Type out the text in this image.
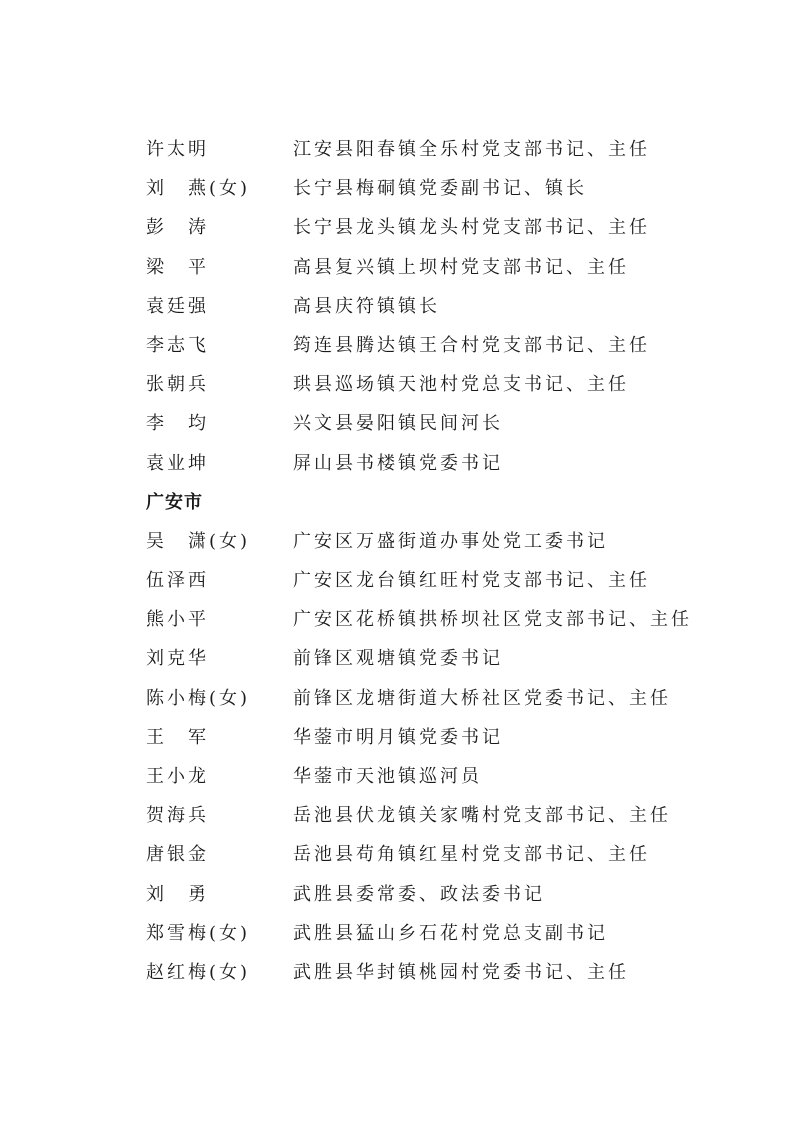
许太明	江安县阳春镇全乐村党支部书记、主任
刘　燕(女) 长宁县梅硐镇党委副书记、镇长
彭　涛	长宁县龙头镇龙头村党支部书记、主任
梁　平	高县复兴镇上坝村党支部书记、主任
袁廷强	高县庆符镇镇长
李志飞	筠连县腾达镇王合村党支部书记、主任
张朝兵	珙县巡场镇天池村党总支书记、主任
李　均	兴文县晏阳镇民间河长
袁业坤	屏山县书楼镇党委书记
广安市
吴　潇(女) 广安区万盛街道办事处党工委书记
伍泽西	广安区龙台镇红旺村党支部书记、主任
熊小平	广安区花桥镇拱桥坝社区党支部书记、主任
刘克华	前锋区观塘镇党委书记
陈小梅(女) 前锋区龙塘街道大桥社区党委书记、主任
王　军	华蓥市明月镇党委书记
王小龙	华蓥市天池镇巡河员
贺海兵	岳池县伏龙镇关家嘴村党支部书记、主任
唐银金	岳池县苟角镇红星村党支部书记、主任
刘　勇	武胜县委常委、政法委书记
郑雪梅(女) 武胜县猛山乡石花村党总支副书记
赵红梅(女) 武胜县华封镇桃园村党委书记、主任
